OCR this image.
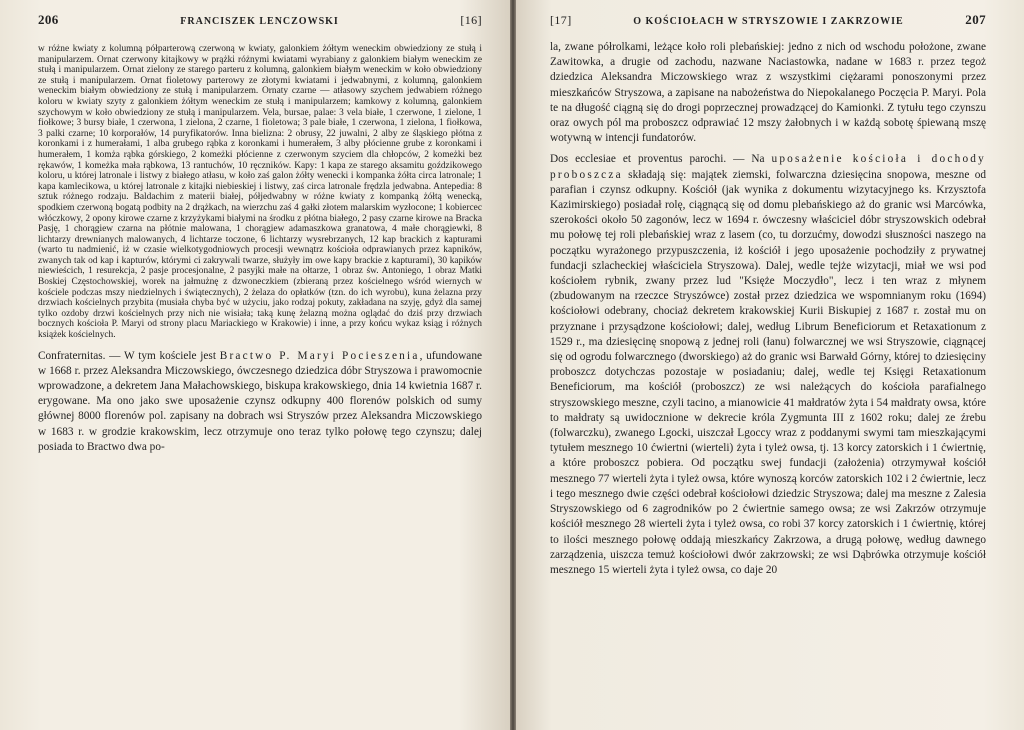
206	FRANCISZEK LENCZOWSKI	[16]

w różne kwiaty z kolumną półparterową czerwoną w kwiaty, galonkiem żółtym weneckim obwiedziony ze stułą i manipularzem. Ornat czerwony kitajkowy w prążki różnymi kwiatami wyrabiany z galonkiem białym weneckim ze stułą i manipularzem. Ornat zielony ze starego parteru z kolumną, galonkiem białym weneckim w koło obwiedziony ze stułą i manipularzem. Ornat fioletowy parterowy ze złotymi kwiatami i jedwabnymi, z kolumną, galonkiem weneckim białym obwiedziony ze stułą i manipularzem. Ornaty czarne — atłasowy szychem jedwabiem różnego koloru w kwiaty szyty z galonkiem żółtym weneckim ze stułą i manipularzem; kamkowy z kolumną, galonkiem szychowym w koło obwiedziony ze stułą i manipularzem. Vela, bursae, palae: 3 vela białe, 1 czerwone, 1 zielone, 1 fiołkowe; 3 bursy białe, 1 czerwona, 1 zielona, 2 czarne, 1 fioletowa; 3 pale białe, 1 czerwona, 1 zielona, 1 fiołkowa, 3 palki czarne; 10 korporałów, 14 puryfikatorów. Inna bielizna: 2 obrusy, 22 juwalni, 2 alby ze śląskiego płótna z koronkami i z humerałami, 1 alba grubego rąbka z koronkami i humerałem, 3 alby płócienne grube z koronkami i humerałem, 1 komża rąbka górskiego, 2 komeżki płócienne z czerwonym szyciem dla chłopców, 2 komeżki bez rękawów, 1 komeżka mała rąbkowa, 13 rantuchów, 10 ręczników. Kapy: 1 kapa ze starego aksamitu goździkowego koloru, u której latronale i listwy z białego atłasu, w koło zaś galon żółty wenecki i kompanka żółta circa latronale; 1 kapa kamlecikowa, u której latronale z kitajki niebieskiej i listwy, zaś circa latronale frędzla jedwabna. Antepedia: 8 sztuk różnego rodzaju. Baldachim z materii białej, półjedwabny w różne kwiaty z kompanką żółtą wenecką, spodkiem czerwoną bogatą podbity na 2 drążkach, na wierzchu zaś 4 gałki złotem malarskim wyzłocone; 1 kobiercec włóczkowy, 2 opony kirowe czarne z krzyżykami białymi na środku z płótna białego, 2 pasy czarne kirowe na Bracka Pasję, 1 chorągiew czarna na płótnie malowana, 1 chorągiew adamaszkowa granatowa, 4 małe chorągiewki, 8 lichtarzy drewnianych malowanych, 4 lichtarze toczone, 6 lichtarzy wysrebrzanych, 12 kap brackich z kapturami (warto tu nadmienić, iż w czasie wielkotygodniowych procesji wewnątrz kościoła odprawianych przez kapników, zwanych tak od kap i kapturów, którymi ci zakrywali twarze, służyły im owe kapy brackie z kapturami), 30 kapików niewieścich, 1 resurekcja, 2 pasje procesjonalne, 2 pasyjki małe na ołtarze, 1 obraz św. Antoniego, 1 obraz Matki Boskiej Częstochowskiej, worek na jałmużnę z dzwoneczkiem (zbieraną przez kościelnego wśród wiernych w kościele podczas mszy niedzielnych i świątecznych), 2 żelaza do opłatków (tzn. do ich wyrobu), kuna żelazna przy drzwiach kościelnych przybita (musiała chyba być w użyciu, jako rodzaj pokuty, zakładana na szyję, gdyż dla samej tylko ozdoby drzwi kościelnych przy nich nie wisiała; taką kunę żelazną można oglądać do dziś przy drzwiach bocznych kościoła P. Maryi od strony placu Mariackiego w Krakowie) i inne, a przy końcu wykaz ksiąg i różnych książek kościelnych.

Confraternitas. — W tym kościele jest Bractwo P. Maryi Pocieszenia, ufundowane w 1668 r. przez Aleksandra Miczowskiego, ówczesnego dziedzica dóbr Stryszowa i prawomocnie wprowadzone, a dekretem Jana Małachowskiego, biskupa krakowskiego, dnia 14 kwietnia 1687 r. erygowane. Ma ono jako swe uposażenie czynsz odkupny 400 florenów polskich od sumy głównej 8000 florenów pol. zapisany na dobrach wsi Stryszów przez Aleksandra Miczowskiego w 1683 r. w grodzie krakowskim, lecz otrzymuje ono teraz tylko połowę tego czynszu; dalej posiada to Bractwo dwa po-

[17]	O KOŚCIOŁACH W STRYSZOWIE I ZAKRZOWIE	207

la, zwane półrolkami, leżące koło roli plebańskiej: jedno z nich od wschodu położone, zwane Zawitowka, a drugie od zachodu, nazwane Naciastowka, nadane w 1683 r. przez tegoż dziedzica Aleksandra Miczowskiego wraz z wszystkimi ciężarami ponoszonymi przez mieszkańców Stryszowa, a zapisane na nabożeństwa do Niepokalanego Poczęcia P. Maryi. Pola te na długość ciągną się do drogi poprzecznej prowadzącej do Kamionki. Z tytułu tego czynszu oraz owych pól ma proboszcz odprawiać 12 mszy żałobnych i w każdą sobotę śpiewaną mszę wotywną w intencji fundatorów.

Dos ecclesiae et proventus parochi. — Na uposażenie kościoła i dochody proboszcza składają się: majątek ziemski, folwarczna dziesięcina snopowa, meszne od parafian i czynsz odkupny. Kościół (jak wynika z dokumentu wizytacyjnego ks. Krzysztofa Kazimirskiego) posiadał rolę, ciągnącą się od domu plebańskiego aż do granic wsi Marcówka, szerokości około 50 zagonów, lecz w 1694 r. ówczesny właściciel dóbr stryszowskich odebrał mu połowę tej roli plebańskiej wraz z lasem (co, tu dorzućmy, dowodzi słuszności naszego na początku wyrażonego przypuszczenia, iż kościół i jego uposażenie pochodziły z prywatnej fundacji szlacheckiej właściciela Stryszowa). Dalej, wedle tejże wizytacji, miał we wsi pod kościołem rybnik, zwany przez lud "Księże Moczydło", lecz i ten wraz z młynem (zbudowanym na rzeczce Stryszówce) został przez dziedzica we wspomnianym roku (1694) kościołowi odebrany, chociaż dekretem krakowskiej Kurii Biskupiej z 1687 r. został mu on przyznane i przysądzone kościołowi; dalej, według Librum Beneficiorum et Retaxationum z 1529 r., ma dziesięcinę snopową z jednej roli (łanu) folwarcznej we wsi Stryszowie, ciągnącej się od ogrodu folwarcznego (dworskiego) aż do granic wsi Barwałd Górny, której to dziesięciny proboszcz dotychczas pozostaje w posiadaniu; dalej, wedle tej Księgi Retaxationum Beneficiorum, ma kościół (proboszcz) ze wsi należących do kościoła parafialnego stryszowskiego meszne, czyli tacino, a mianowicie 41 małdratów żyta i 54 małdraty owsa, które to małdraty są uwidocznione w dekrecie króla Zygmunta III z 1602 roku; dalej ze źrebu (folwarczku), zwanego Lgocki, uiszczał Lgoccy wraz z poddanymi swymi tam mieszkającymi tytułem mesznego 10 ćwiertni (wierteli) żyta i tyleż owsa, tj. 13 korcy zatorskich i 1 ćwiertnię, a które proboszcz pobiera. Od początku swej fundacji (założenia) otrzymywał kościół mesznego 77 wierteli żyta i tyleż owsa, które wynoszą korców zatorskich 102 i 2 ćwiertnie, lecz i tego mesznego dwie części odebrał kościołowi dziedzic Stryszowa; dalej ma meszne z Zalesia Stryszowskiego od 6 zagrodników po 2 ćwiertnie samego owsa; ze wsi Zakrzów otrzymuje kościół mesznego 28 wierteli żyta i tyleż owsa, co robi 37 korcy zatorskich i 1 ćwiertnię, której to ilości mesznego połowę oddają mieszkańcy Zakrzowa, a drugą połowę, według dawnego zarządzenia, uiszcza temuż kościołowi dwór zakrzowski; ze wsi Dąbrówka otrzymuje kościół mesznego 15 wierteli żyta i tyleż owsa, co daje 20
